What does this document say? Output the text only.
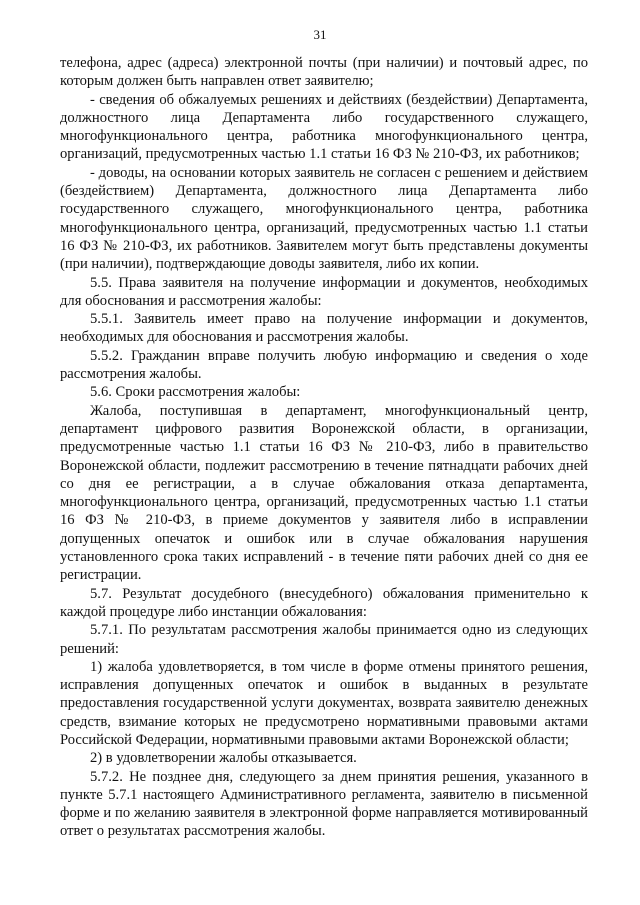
31

телефона, адрес (адреса) электронной почты (при наличии) и почтовый адрес, по которым должен быть направлен ответ заявителю;

- сведения об обжалуемых решениях и действиях (бездействии) Департамента, должностного лица Департамента либо государственного служащего, многофункционального центра, работника многофункционального центра, организаций, предусмотренных частью 1.1 статьи 16 ФЗ № 210-ФЗ, их работников;

- доводы, на основании которых заявитель не согласен с решением и действием (бездействием) Департамента, должностного лица Департамента либо государственного служащего, многофункционального центра, работника многофункционального центра, организаций, предусмотренных частью 1.1 статьи 16 ФЗ № 210-ФЗ, их работников. Заявителем могут быть представлены документы (при наличии), подтверждающие доводы заявителя, либо их копии.

5.5. Права заявителя на получение информации и документов, необходимых для обоснования и рассмотрения жалобы:

5.5.1. Заявитель имеет право на получение информации и документов, необходимых для обоснования и рассмотрения жалобы.

5.5.2. Гражданин вправе получить любую информацию и сведения о ходе рассмотрения жалобы.

5.6. Сроки рассмотрения жалобы:

Жалоба, поступившая в департамент, многофункциональный центр, департамент цифрового развития Воронежской области, в организации, предусмотренные частью 1.1 статьи 16 ФЗ № 210-ФЗ, либо в правительство Воронежской области, подлежит рассмотрению в течение пятнадцати рабочих дней со дня ее регистрации, а в случае обжалования отказа департамента, многофункционального центра, организаций, предусмотренных частью 1.1 статьи 16 ФЗ № 210-ФЗ, в приеме документов у заявителя либо в исправлении допущенных опечаток и ошибок или в случае обжалования нарушения установленного срока таких исправлений - в течение пяти рабочих дней со дня ее регистрации.

5.7. Результат досудебного (внесудебного) обжалования применительно к каждой процедуре либо инстанции обжалования:

5.7.1. По результатам рассмотрения жалобы принимается одно из следующих решений:

1) жалоба удовлетворяется, в том числе в форме отмены принятого решения, исправления допущенных опечаток и ошибок в выданных в результате предоставления государственной услуги документах, возврата заявителю денежных средств, взимание которых не предусмотрено нормативными правовыми актами Российской Федерации, нормативными правовыми актами Воронежской области;

2) в удовлетворении жалобы отказывается.

5.7.2. Не позднее дня, следующего за днем принятия решения, указанного в пункте 5.7.1 настоящего Административного регламента, заявителю в письменной форме и по желанию заявителя в электронной форме направляется мотивированный ответ о результатах рассмотрения жалобы.
